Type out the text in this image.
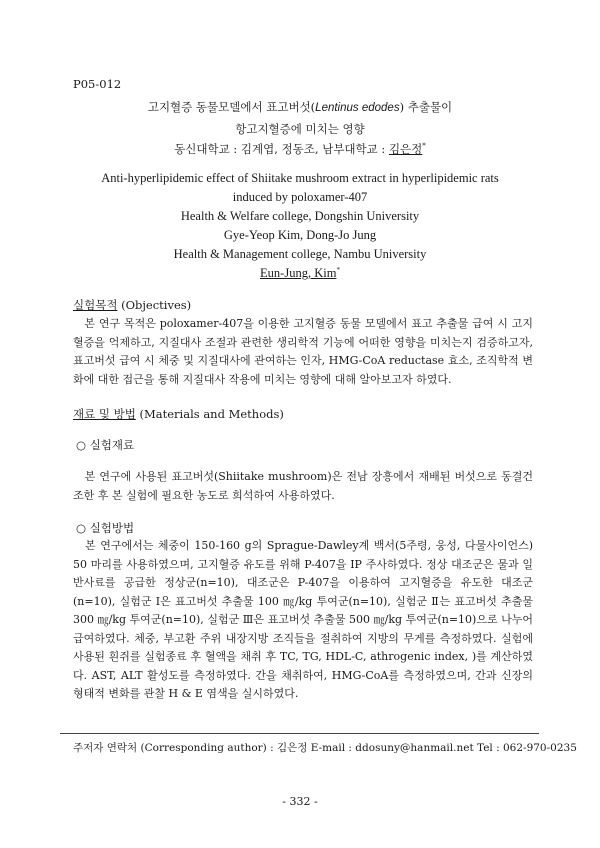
P05-012
고지혈증 동물모델에서 표고버섯(Lentinus edodes) 추출물이
항고지혈증에 미치는 영향
동신대학교 : 김계엽, 정동조, 남부대학교 : 김은정*
Anti-hyperlipidemic effect of Shiitake mushroom extract in hyperlipidemic rats
induced by poloxamer-407
Health & Welfare college, Dongshin University
Gye-Yeop Kim, Dong-Jo Jung
Health & Management college, Nambu University
Eun-Jung, Kim*
실험목적 (Objectives)

　본 연구 목적은 poloxamer-407을 이용한 고지혈증 동물 모델에서 표고 추출물 급여 시 고지혈증을 억제하고, 지질대사 조절과 관련한 생리학적 기능에 어떠한 영향을 미치는지 검증하고자, 표고버섯 급여 시 체중 및 지질대사에 관여하는 인자, HMG-CoA reductase 효소, 조직학적 변화에 대한 접근을 통해 지질대사 작용에 미치는 영향에 대해 알아보고자 하였다.

재료 및 방법 (Materials and Methods)
○ 실험재료

　본 연구에 사용된 표고버섯(Shiitake mushroom)은 전남 장흥에서 재배된 버섯으로 동결건조한 후 본 실험에 필요한 농도로 희석하여 사용하였다.

○ 실험방법

　본 연구에서는 체중이 150-160 g의 Sprague-Dawley계 백서(5주령, 웅성, 다물사이언스) 50 마리를 사용하였으며, 고지혈증 유도를 위해 P-407을 IP 주사하였다. 정상 대조군은 물과 일반사료를 공급한 정상군(n=10), 대조군은 P-407을 이용하여 고지혈증을 유도한 대조군(n=10), 실험군 I은 표고버섯 추출물 100 ㎎/kg 투여군(n=10), 실험군 Ⅱ는 표고버섯 추출물 300 ㎎/kg 투여군(n=10), 실험군 Ⅲ은 표고버섯 추출물 500 ㎎/kg 투여군(n=10)으로 나누어 급여하였다. 체중, 부고환 주위 내장지방 조직들을 절취하여 지방의 무게를 측정하였다. 실험에 사용된 흰쥐를 실험종료 후 혈액을 채취 후 TC, TG, HDL-C, athrogenic index, )를 계산하였다. AST, ALT 활성도를 측정하였다. 간을 채취하여, HMG-CoA를 측정하였으며, 간과 신장의 형태적 변화를 관찰 H & E 염색을 실시하였다.

주저자 연락처 (Corresponding author) : 김은정 E-mail : ddosuny@hanmail.net Tel : 062-970-0235
- 332 -
